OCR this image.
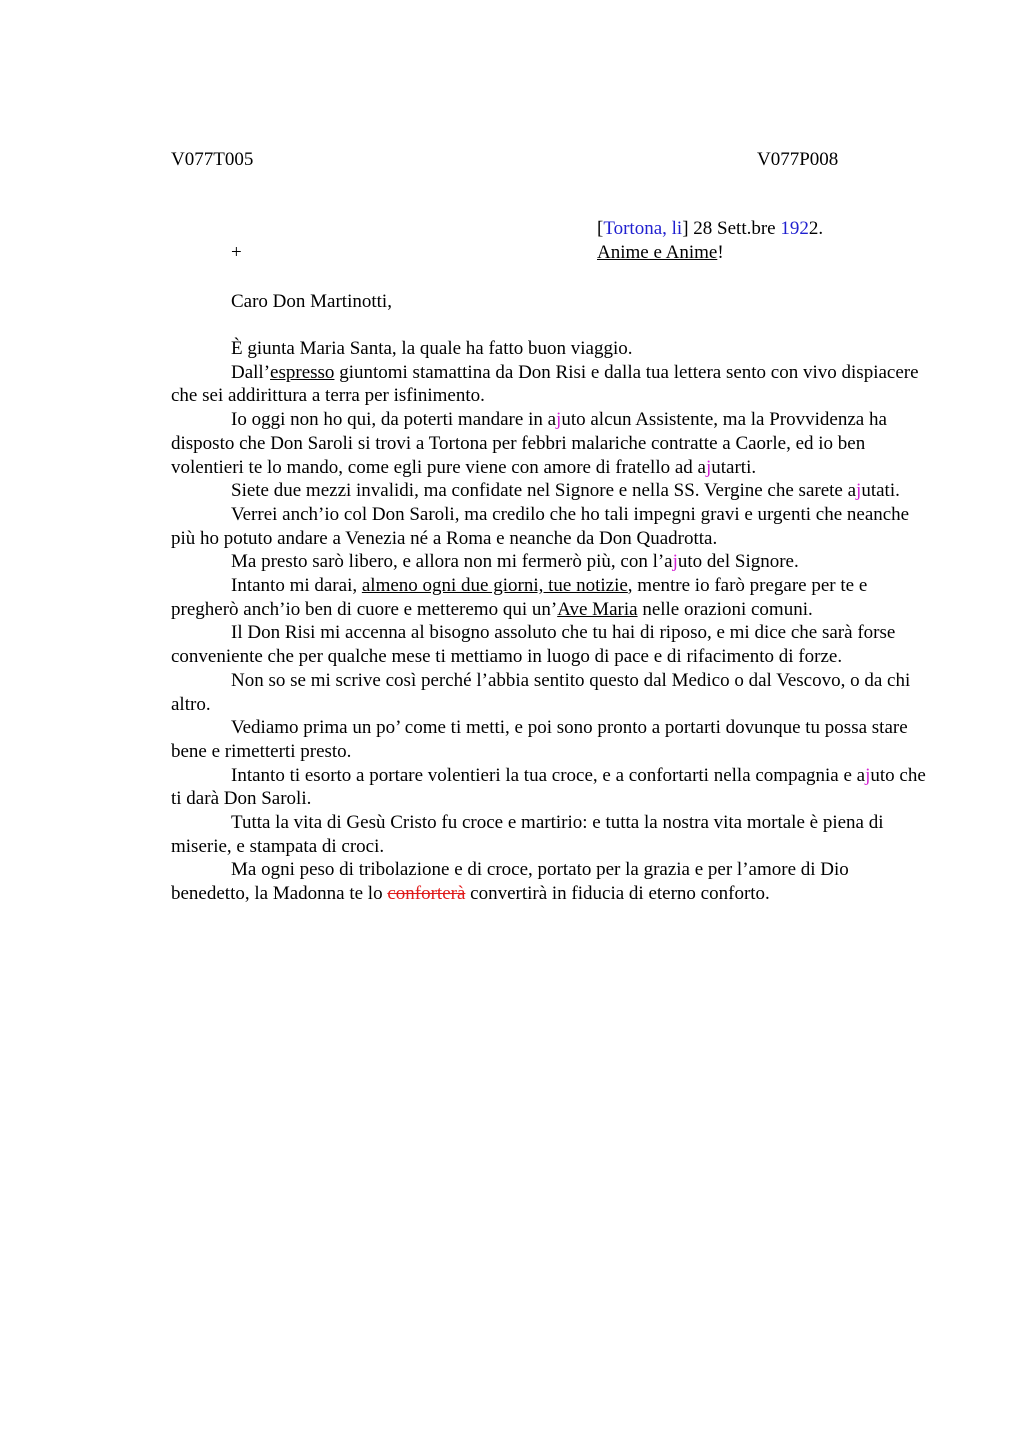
V077T005	V077P008
[Tortona, li] 28 Sett.bre 1922.
Anime e Anime!
+
Caro Don Martinotti,

È giunta Maria Santa, la quale ha fatto buon viaggio.

Dall’espresso giuntomi stamattina da Don Risi e dalla tua lettera sento con vivo dispiacere che sei addirittura a terra per isfinimento.

Io oggi non ho qui, da poterti mandare in ajuto alcun Assistente, ma la Provvidenza ha disposto che Don Saroli si trovi a Tortona per febbri malariche contratte a Caorle, ed io ben volentieri te lo mando, come egli pure viene con amore di fratello ad ajutarti.

Siete due mezzi invalidi, ma confidate nel Signore e nella SS. Vergine che sarete ajutati.

Verrei anch’io col Don Saroli, ma credilo che ho tali impegni gravi e urgenti che neanche più ho potuto andare a Venezia né a Roma e neanche da Don Quadrotta.

Ma presto sarò libero, e allora non mi fermerò più, con l’ajuto del Signore.

Intanto mi darai, almeno ogni due giorni, tue notizie, mentre io farò pregare per te e pregherò anch’io ben di cuore e metteremo qui un’Ave Maria nelle orazioni comuni.

Il Don Risi mi accenna al bisogno assoluto che tu hai di riposo, e mi dice che sarà forse conveniente che per qualche mese ti mettiamo in luogo di pace e di rifacimento di forze.

Non so se mi scrive così perché l’abbia sentito questo dal Medico o dal Vescovo, o da chi altro.

Vediamo prima un po’ come ti metti, e poi sono pronto a portarti dovunque tu possa stare bene e rimetterti presto.

Intanto ti esorto a portare volentieri la tua croce, e a confortarti nella compagnia e ajuto che ti darà Don Saroli.

Tutta la vita di Gesù Cristo fu croce e martirio: e tutta la nostra vita mortale è piena di miserie, e stampata di croci.

Ma ogni peso di tribolazione e di croce, portato per la grazia e per l’amore di Dio benedetto, la Madonna te lo conforterà convertirà in fiducia di eterno conforto.
